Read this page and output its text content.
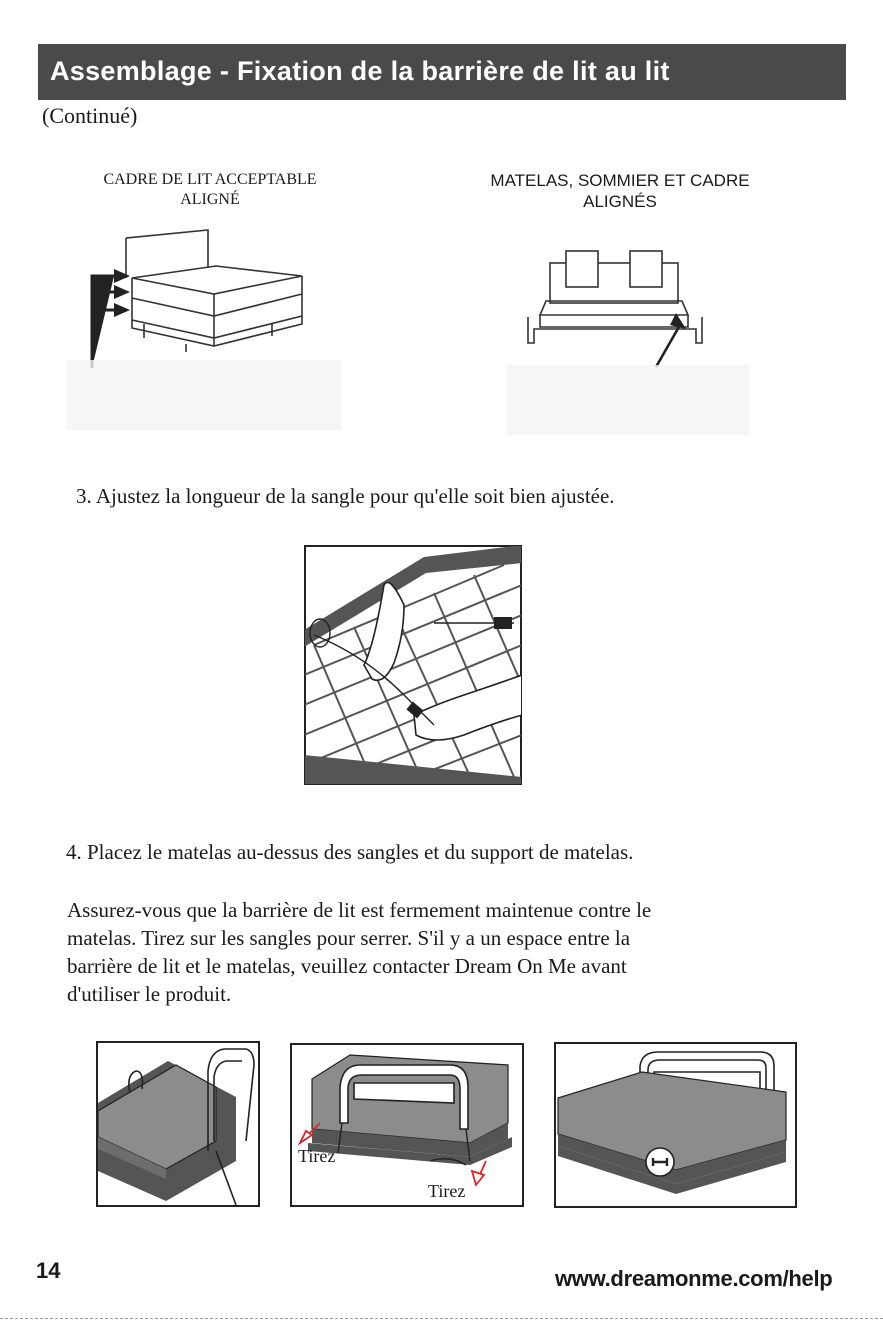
Assemblage - Fixation de la barrière de lit au lit
(Continué)
CADRE DE LIT ACCEPTABLE
ALIGNÉ
MATELAS, SOMMIER ET CADRE
ALIGNÉS
3. Ajustez la longueur de la sangle pour qu'elle soit bien ajustée.
4. Placez le matelas au-dessus des sangles et du support de matelas.
Assurez-vous que la barrière de lit est fermement maintenue contre le
matelas. Tirez sur les sangles pour serrer. S'il y a un espace entre la
barrière de lit et le matelas, veuillez contacter Dream On Me avant
d'utiliser le produit.
Tirez
Tirez
14	www.dreamonme.com/help
